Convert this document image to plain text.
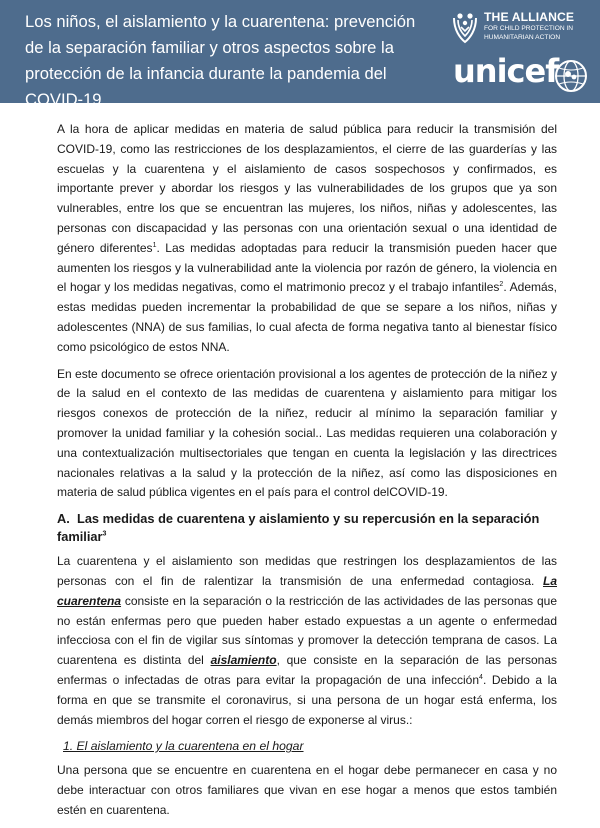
Los niños, el aislamiento y la cuarentena: prevención de la separación familiar y otros aspectos sobre la protección de la infancia durante la pandemia del COVID-19
THE ALLIANCE
FOR CHILD PROTECTION IN HUMANITARIAN ACTION
unicef

A la hora de aplicar medidas en materia de salud pública para reducir la transmisión del COVID-19, como las restricciones de los desplazamientos, el cierre de las guarderías y las escuelas y la cuarentena y el aislamiento de casos sospechosos y confirmados, es importante prever y abordar los riesgos y las vulnerabilidades de los grupos que ya son vulnerables, entre los que se encuentran las mujeres, los niños, niñas y adolescentes, las personas con discapacidad y las personas con una orientación sexual o una identidad de género diferentes$^1$. Las medidas adoptadas para reducir la transmisión pueden hacer que aumenten los riesgos y la vulnerabilidad ante la violencia por razón de género, la violencia en el hogar y los medidas negativas, como el matrimonio precoz y el trabajo infantiles$^2$. Además, estas medidas pueden incrementar la probabilidad de que se separe a los niños, niñas y adolescentes (NNA) de sus familias, lo cual afecta de forma negativa tanto al bienestar físico como psicológico de estos NNA.

En este documento se ofrece orientación provisional a los agentes de protección de la niñez y de la salud en el contexto de las medidas de cuarentena y aislamiento para mitigar los riesgos conexos de protección de la niñez, reducir al mínimo la separación familiar y promover la unidad familiar y la cohesión social.. Las medidas requieren una colaboración y una contextualización multisectoriales que tengan en cuenta la legislación y las directrices nacionales relativas a la salud y la protección de la niñez, así como las disposiciones en materia de salud pública vigentes en el país para el control delCOVID-19.

A. Las medidas de cuarentena y aislamiento y su repercusión en la separación familiar$^3$

La cuarentena y el aislamiento son medidas que restringen los desplazamientos de las personas con el fin de ralentizar la transmisión de una enfermedad contagiosa. La cuarentena consiste en la separación o la restricción de las actividades de las personas que no están enfermas pero que pueden haber estado expuestas a un agente o enfermedad infecciosa con el fin de vigilar sus síntomas y promover la detección temprana de casos. La cuarentena es distinta del aislamiento, que consiste en la separación de las personas enfermas o infectadas de otras para evitar la propagación de una infección$^4$. Debido a la forma en que se transmite el coronavirus, si una persona de un hogar está enferma, los demás miembros del hogar corren el riesgo de exponerse al virus.:

1. El aislamiento y la cuarentena en el hogar

Una persona que se encuentre en cuarentena en el hogar debe permanecer en casa y no debe interactuar con otros familiares que vivan en ese hogar a menos que estos también estén en cuarentena.
